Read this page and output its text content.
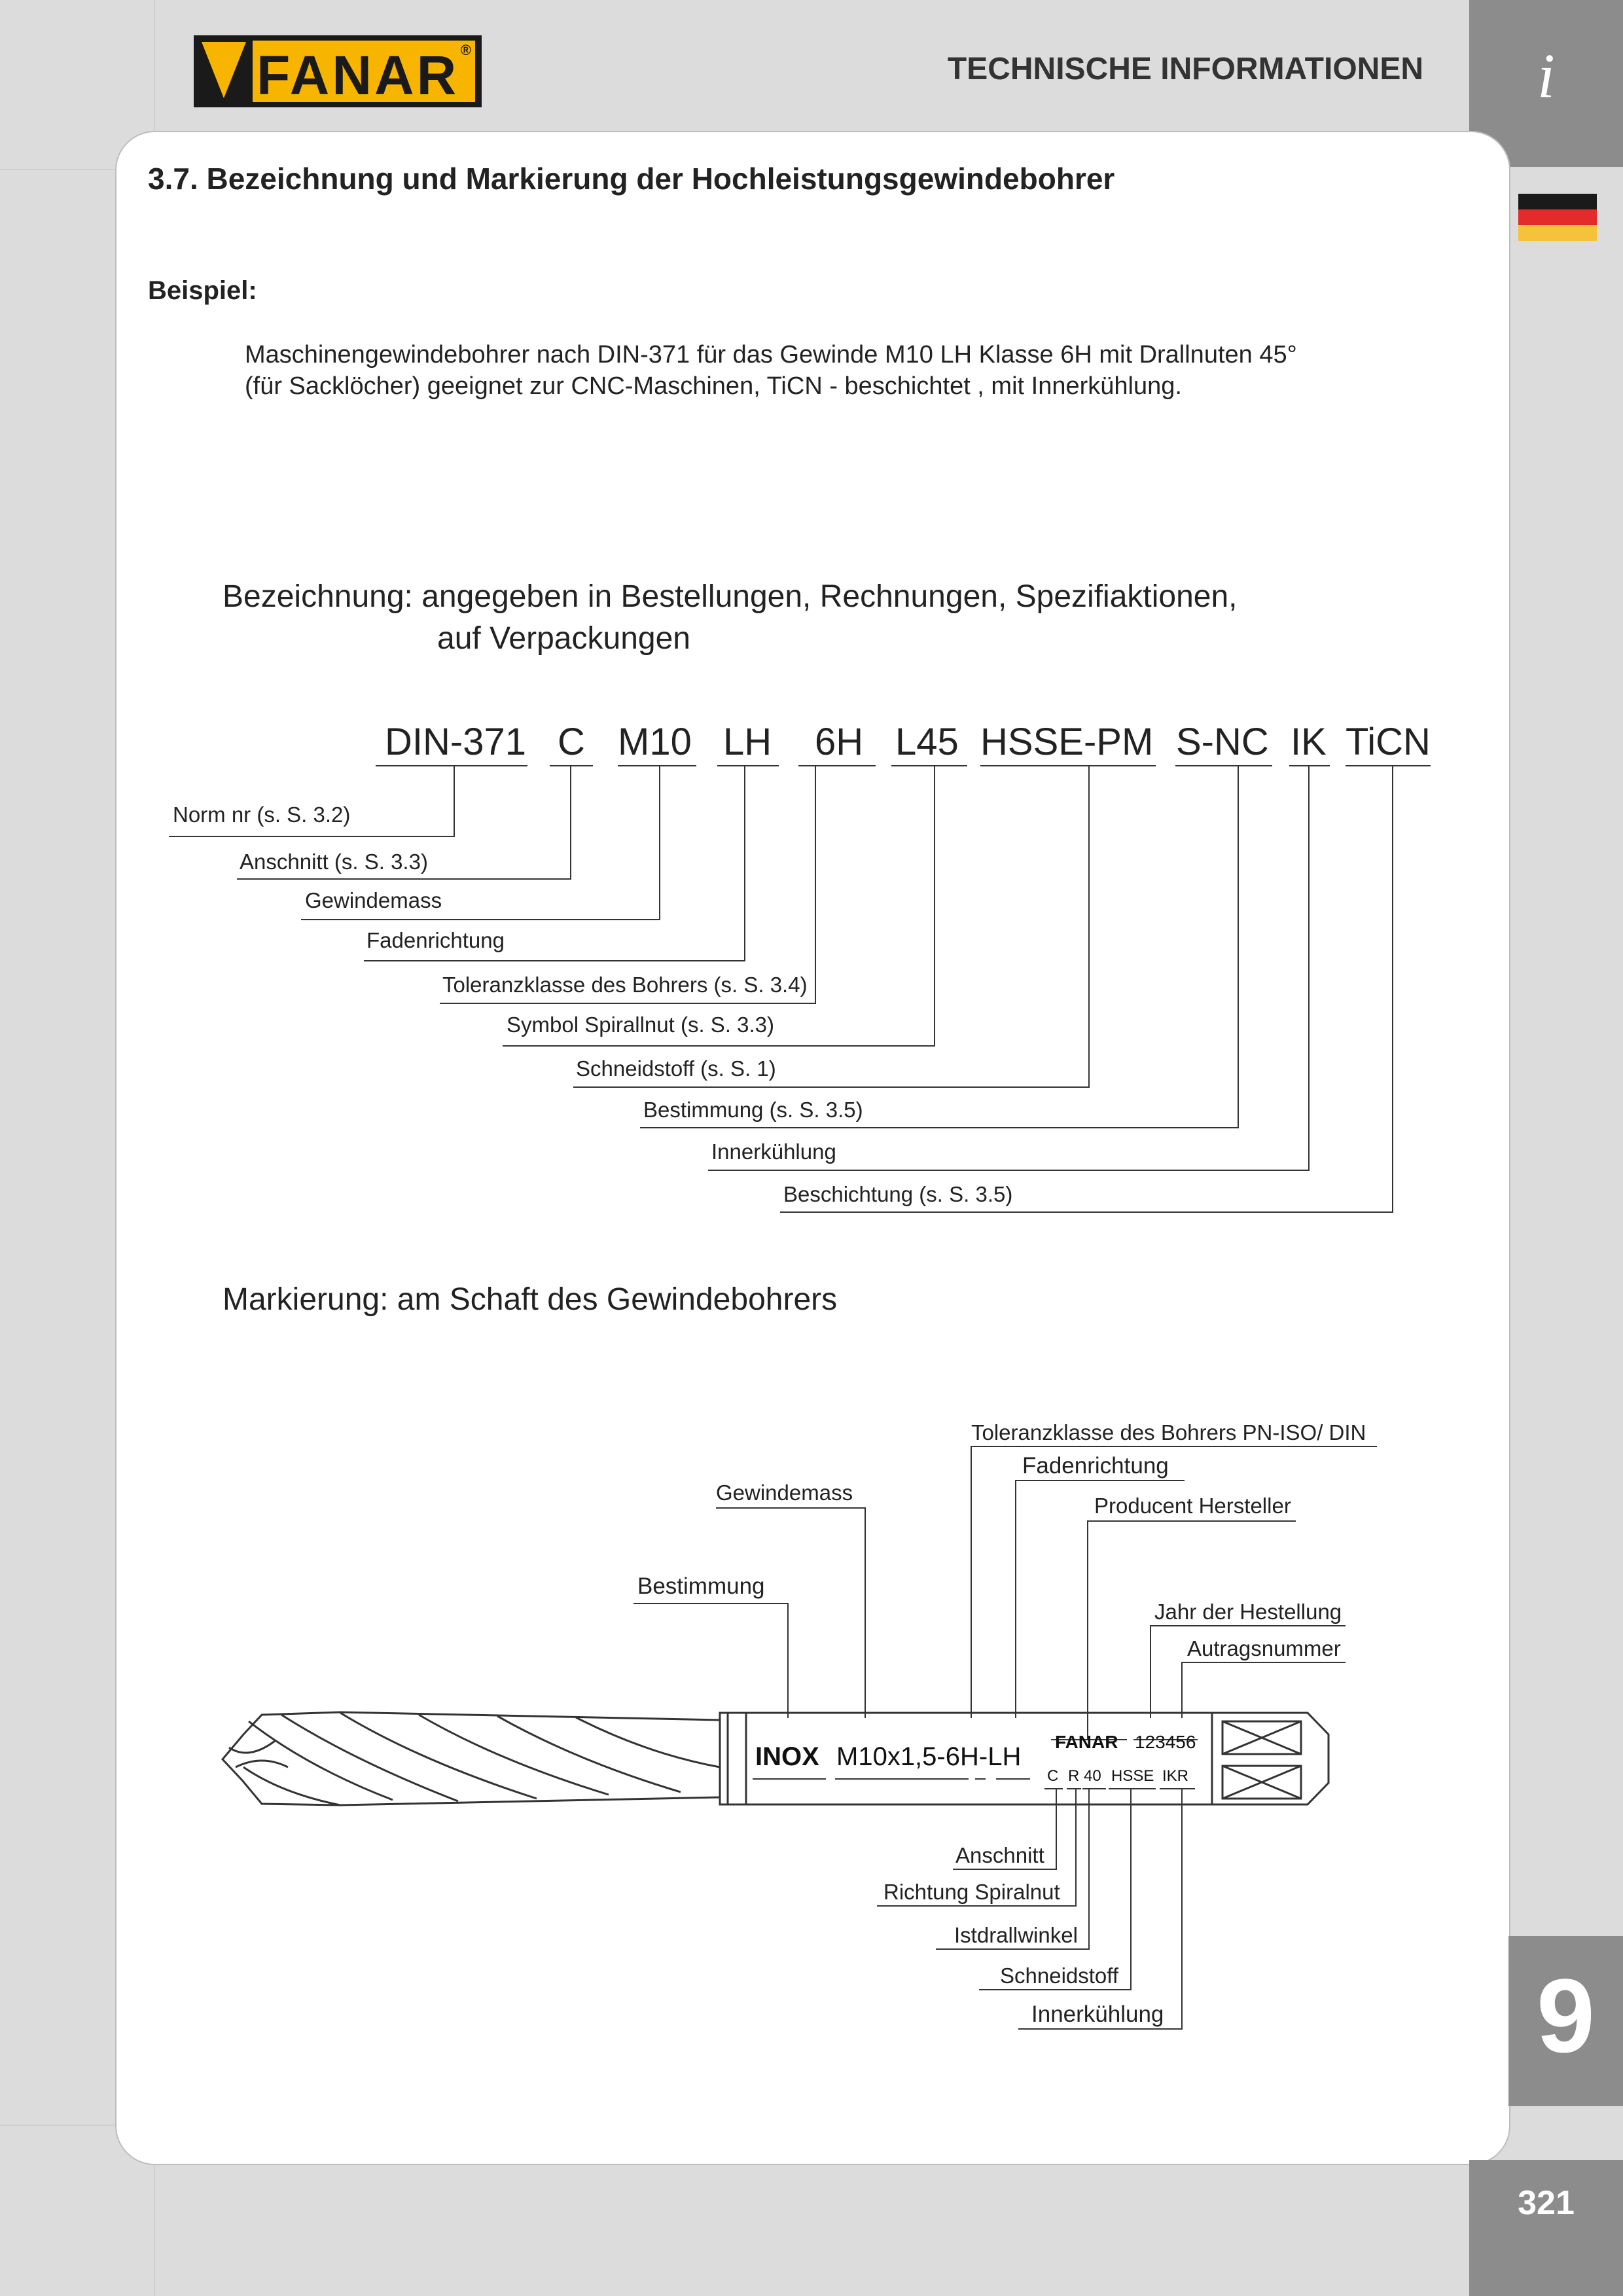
FANAR ®
TECHNISCHE INFORMATIONEN	i
9
321
3.7. Bezeichnung und Markierung der Hochleistungsgewindebohrer
Beispiel:
Maschinengewindebohrer nach DIN-371 für das Gewinde M10 LH Klasse 6H mit Drallnuten 45°
(für Sacklöcher) geeignet zur CNC-Maschinen, TiCN - beschichtet , mit Innerkühlung.
Bezeichnung: angegeben in Bestellungen, Rechnungen, Spezifiaktionen,
auf Verpackungen
DIN-371 C M10 LH 6H L45 HSSE-PM S-NC IK TiCN
Norm nr (s. S. 3.2)
Anschnitt (s. S. 3.3)
Gewindemass
Fadenrichtung
Toleranzklasse des Bohrers (s. S. 3.4)
Symbol Spirallnut (s. S. 3.3)
Schneidstoff (s. S. 1)
Bestimmung (s. S. 3.5)
Innerkühlung
Beschichtung (s. S. 3.5)
Markierung: am Schaft des Gewindebohrers
Toleranzklasse des Bohrers PN-ISO/ DIN
Fadenrichtung
Producent Hersteller
Gewindemass
Bestimmung
Jahr der Hestellung
Autragsnummer
INOX M10x1,5-6H-LH
FANAR 123456
C R 40 HSSE IKR
Anschnitt
Richtung Spiralnut
Istdrallwinkel
Schneidstoff
Innerkühlung
